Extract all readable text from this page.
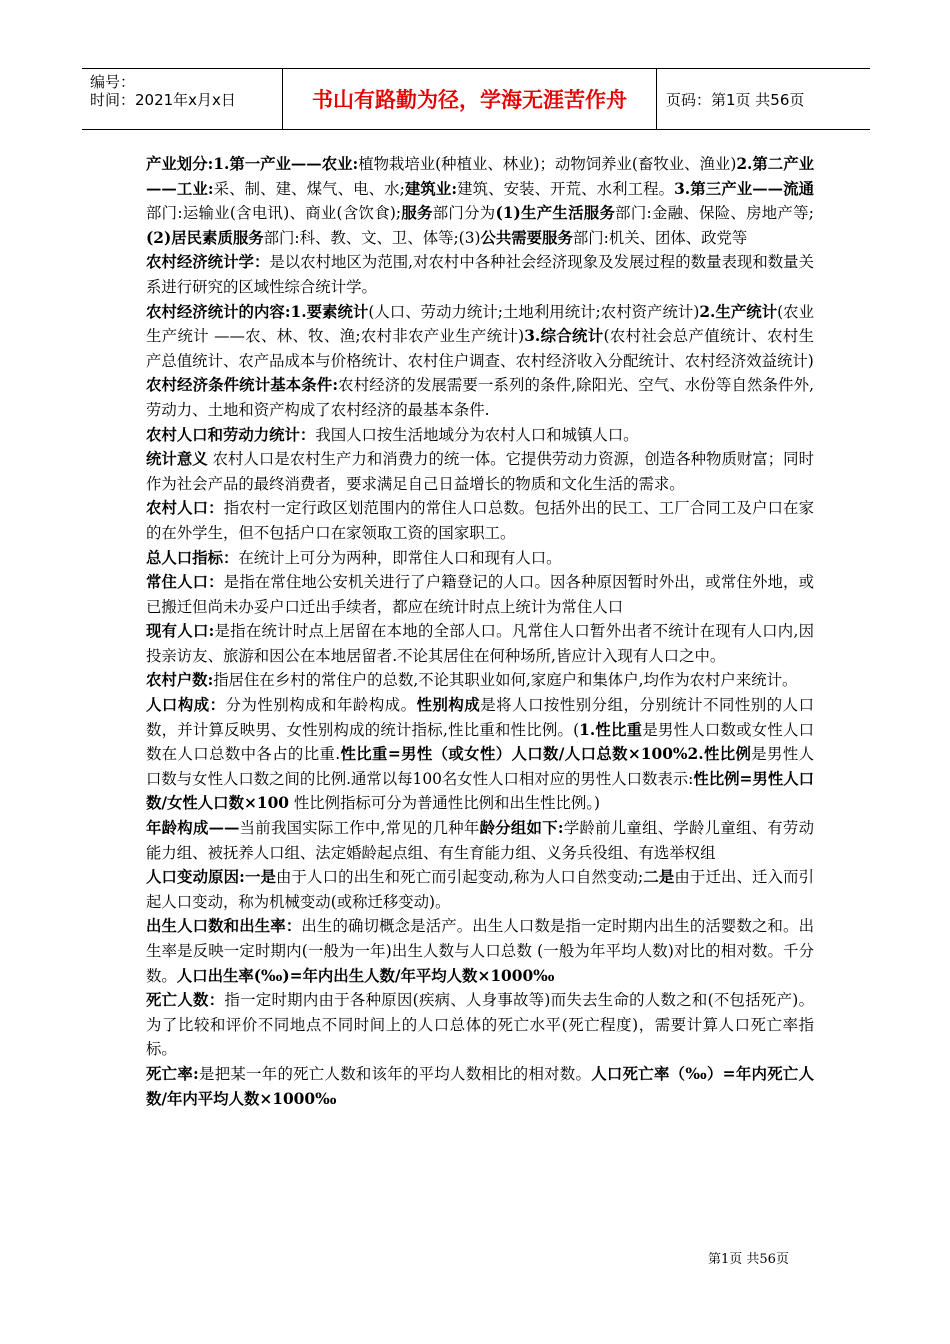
编号：
时间：2021年x月x日	书山有路勤为径，学海无涯苦作舟	页码：第1页 共56页

产业划分:1.第一产业——农业:植物栽培业(种植业、林业)；动物饲养业(畜牧业、渔业)2.第二产业——工业:采、制、建、煤气、电、水;建筑业:建筑、安装、开荒、水利工程。3.第三产业——流通部门:运输业(含电讯)、商业(含饮食);服务部门分为(1)生产生活服务部门:金融、保险、房地产等;(2)居民素质服务部门:科、教、文、卫、体等;(3)公共需要服务部门:机关、团体、政党等

农村经济统计学：是以农村地区为范围,对农村中各种社会经济现象及发展过程的数量表现和数量关系进行研究的区域性综合统计学。

农村经济统计的内容:1.要素统计(人口、劳动力统计;土地利用统计;农村资产统计)2.生产统计(农业生产统计 ——农、林、牧、渔;农村非农产业生产统计)3.综合统计(农村社会总产值统计、农村生产总值统计、农产品成本与价格统计、农村住户调查、农村经济收入分配统计、农村经济效益统计)

农村经济条件统计基本条件:农村经济的发展需要一系列的条件,除阳光、空气、水份等自然条件外,劳动力、土地和资产构成了农村经济的最基本条件.

农村人口和劳动力统计：我国人口按生活地域分为农村人口和城镇人口。

统计意义 农村人口是农村生产力和消费力的统一体。它提供劳动力资源，创造各种物质财富；同时作为社会产品的最终消费者，要求满足自己日益增长的物质和文化生活的需求。

农村人口：指农村一定行政区划范围内的常住人口总数。包括外出的民工、工厂合同工及户口在家的在外学生，但不包括户口在家领取工资的国家职工。

总人口指标：在统计上可分为两种，即常住人口和现有人口。

常住人口：是指在常住地公安机关进行了户籍登记的人口。因各种原因暂时外出，或常住外地，或已搬迁但尚未办妥户口迁出手续者，都应在统计时点上统计为常住人口

现有人口:是指在统计时点上居留在本地的全部人口。凡常住人口暂外出者不统计在现有人口内,因投亲访友、旅游和因公在本地居留者.不论其居住在何种场所,皆应计入现有人口之中。

农村户数:指居住在乡村的常住户的总数,不论其职业如何,家庭户和集体户,均作为农村户来统计。

人口构成：分为性别构成和年龄构成。性别构成是将人口按性别分组，分别统计不同性别的人口数，并计算反映男、女性别构成的统计指标,性比重和性比例。(1.性比重是男性人口数或女性人口数在人口总数中各占的比重.性比重=男性（或女性）人口数/人口总数×100%2.性比例是男性人口数与女性人口数之间的比例.通常以每100名女性人口相对应的男性人口数表示:性比例=男性人口数/女性人口数×100 性比例指标可分为普通性比例和出生性比例。)

年龄构成——当前我国实际工作中,常见的几种年龄分组如下:学龄前儿童组、学龄儿童组、有劳动能力组、被抚养人口组、法定婚龄起点组、有生育能力组、义务兵役组、有选举权组

人口变动原因:一是由于人口的出生和死亡而引起变动,称为人口自然变动;二是由于迁出、迁入而引起人口变动，称为机械变动(或称迁移变动)。

出生人口数和出生率：出生的确切概念是活产。出生人口数是指一定时期内出生的活婴数之和。出生率是反映一定时期内(一般为一年)出生人数与人口总数 (一般为年平均人数)对比的相对数。千分数。人口出生率(‰)=年内出生人数/年平均人数×1000‰

死亡人数：指一定时期内由于各种原因(疾病、人身事故等)而失去生命的人数之和(不包括死产)。为了比较和评价不同地点不同时间上的人口总体的死亡水平(死亡程度)，需要计算人口死亡率指标。

死亡率:是把某一年的死亡人数和该年的平均人数相比的相对数。人口死亡率（‰）=年内死亡人数/年内平均人数×1000‰

第1页 共56页
